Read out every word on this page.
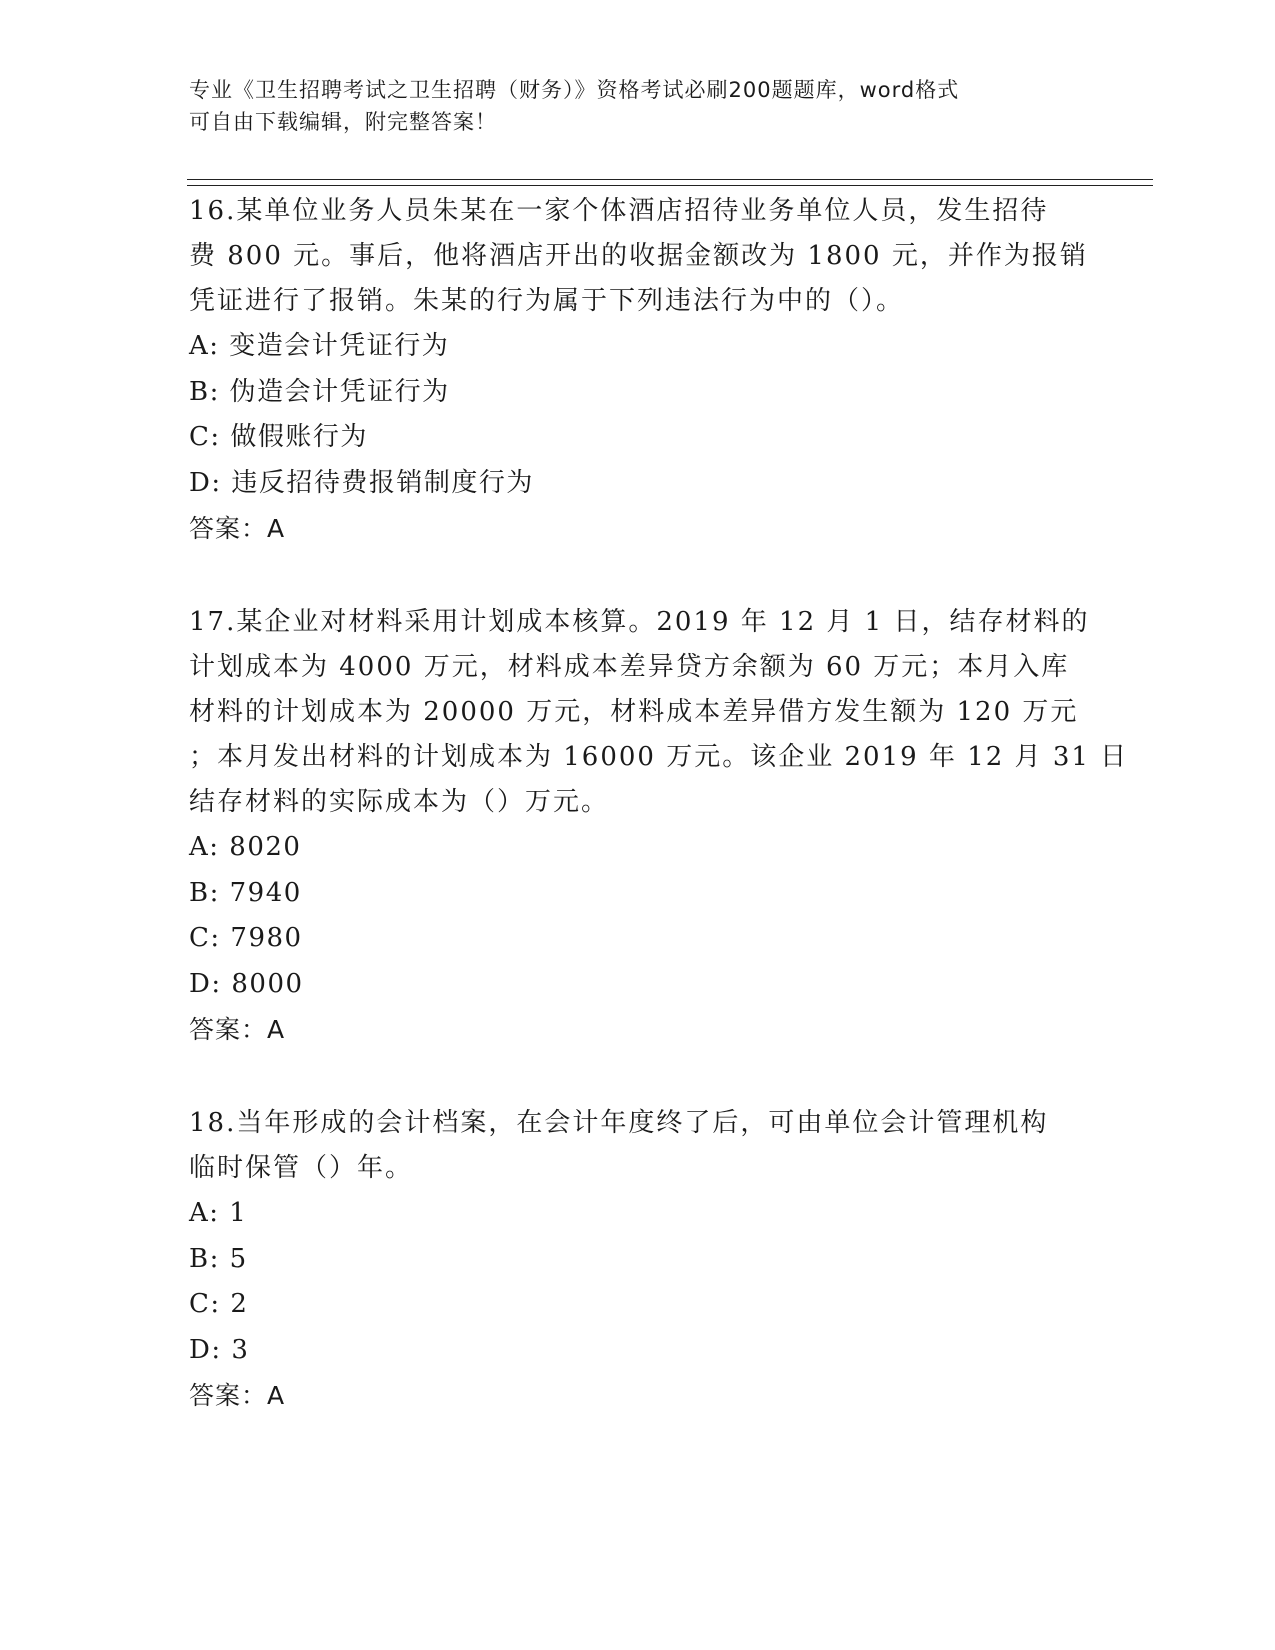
专业《卫生招聘考试之卫生招聘（财务）》资格考试必刷200题题库，word格式
可自由下载编辑，附完整答案！
16.某单位业务人员朱某在一家个体酒店招待业务单位人员，发生招待
费 800 元。事后，他将酒店开出的收据金额改为 1800 元，并作为报销
凭证进行了报销。朱某的行为属于下列违法行为中的（）。
A: 变造会计凭证行为
B: 伪造会计凭证行为
C: 做假账行为
D: 违反招待费报销制度行为
答案：A
17.某企业对材料采用计划成本核算。2019 年 12 月 1 日，结存材料的
计划成本为 4000 万元，材料成本差异贷方余额为 60 万元；本月入库
材料的计划成本为 20000 万元，材料成本差异借方发生额为 120 万元
；本月发出材料的计划成本为 16000 万元。该企业 2019 年 12 月 31 日
结存材料的实际成本为（）万元。
A: 8020
B: 7940
C: 7980
D: 8000
答案：A
18.当年形成的会计档案，在会计年度终了后，可由单位会计管理机构
临时保管（）年。
A: 1
B: 5
C: 2
D: 3
答案：A
